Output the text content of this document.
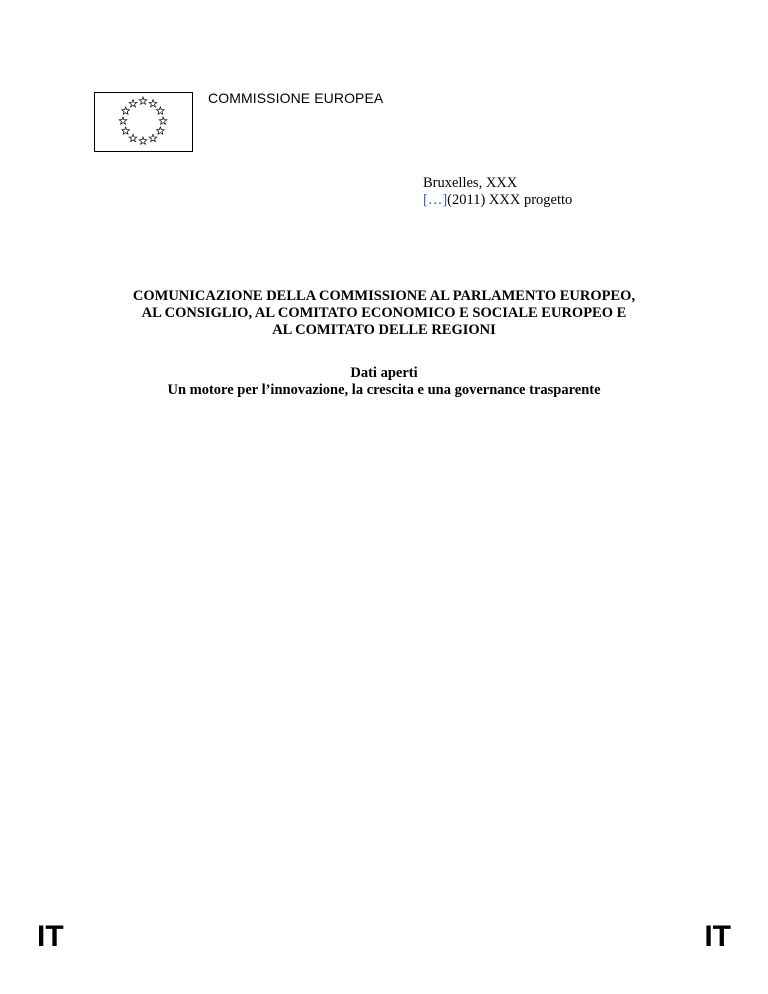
COMMISSIONE EUROPEA
Bruxelles, XXX
[…](2011) XXX progetto
COMUNICAZIONE DELLA COMMISSIONE AL PARLAMENTO EUROPEO,
AL CONSIGLIO, AL COMITATO ECONOMICO E SOCIALE EUROPEO E
AL COMITATO DELLE REGIONI
Dati aperti
Un motore per l’innovazione, la crescita e una governance trasparente
IT	IT
